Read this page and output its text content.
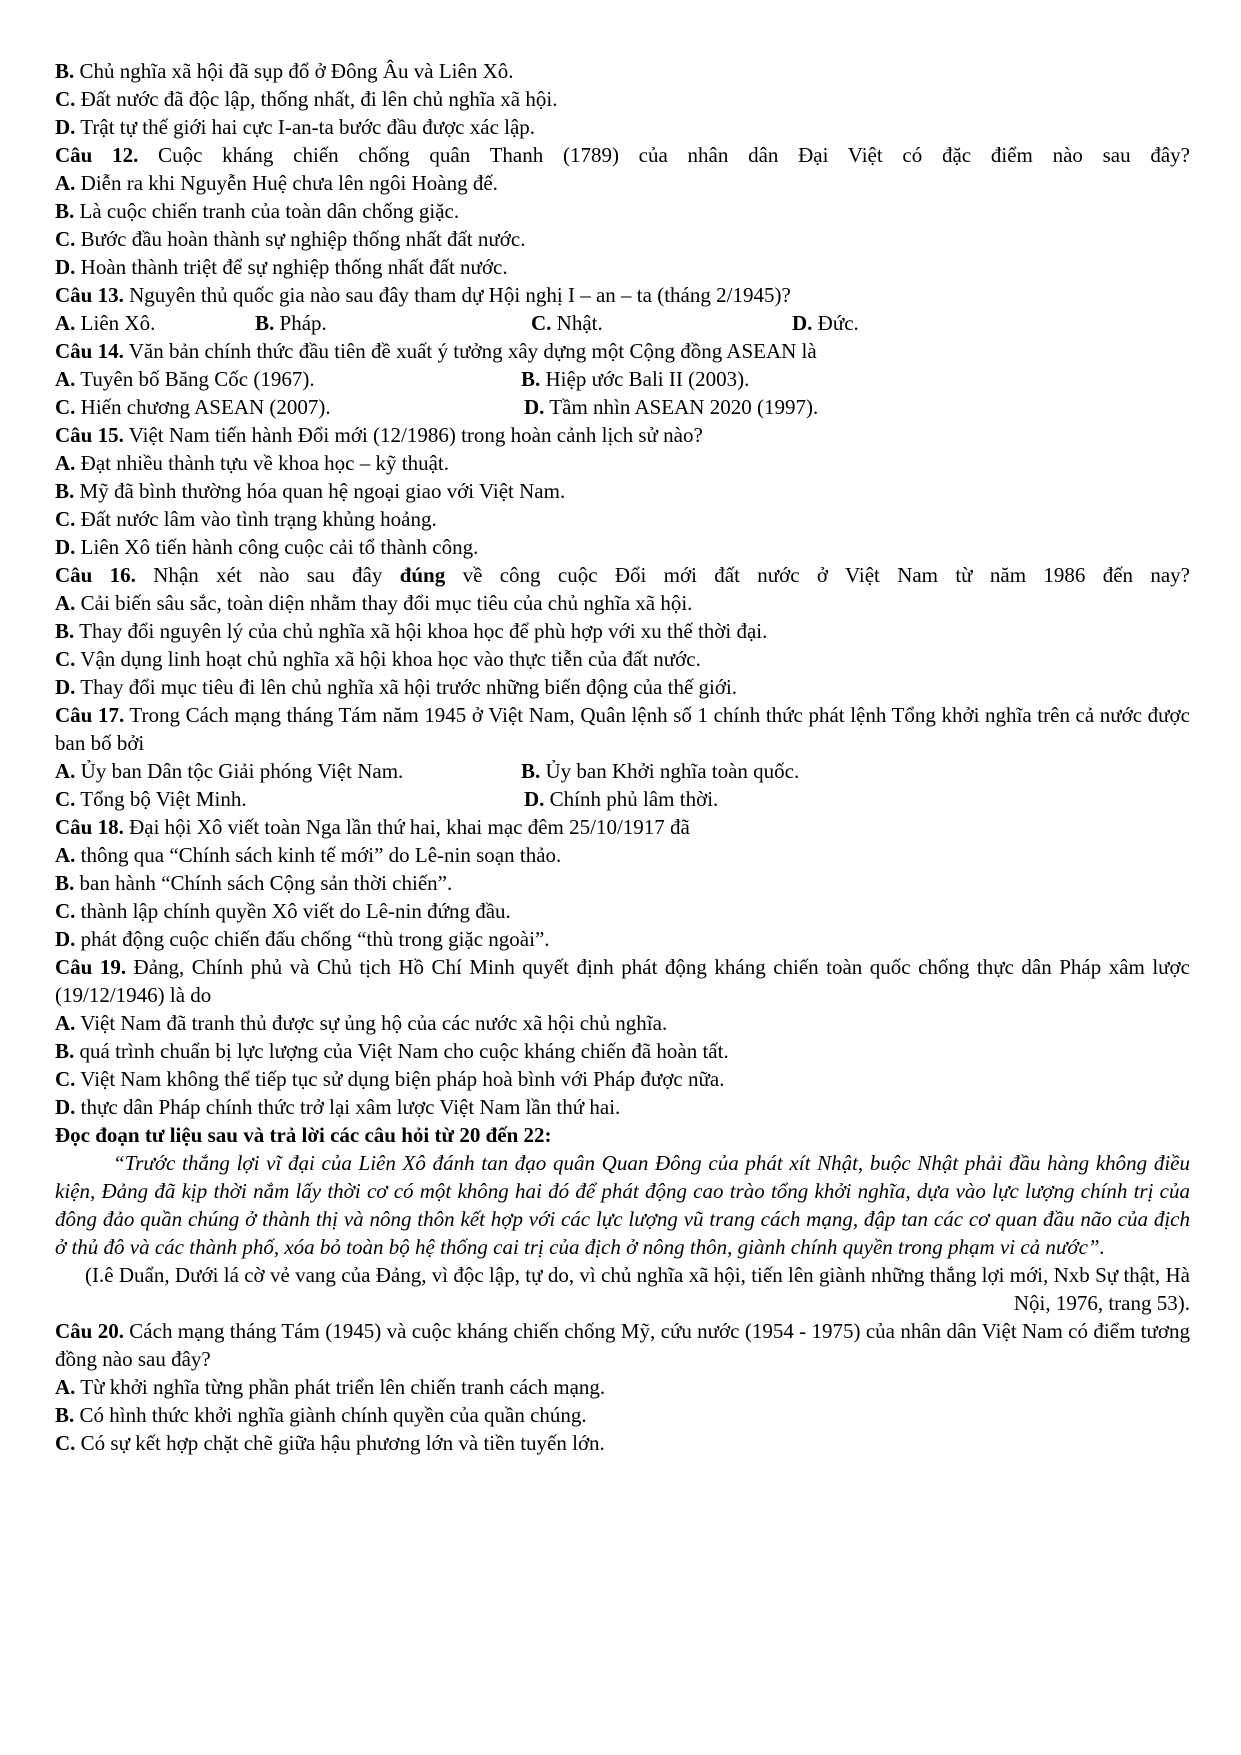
B. Chủ nghĩa xã hội đã sụp đổ ở Đông Âu và Liên Xô.
C. Đất nước đã độc lập, thống nhất, đi lên chủ nghĩa xã hội.
D. Trật tự thế giới hai cực I-an-ta bước đầu được xác lập.
Câu 12. Cuộc kháng chiến chống quân Thanh (1789) của nhân dân Đại Việt có đặc điểm nào sau đây?
A. Diễn ra khi Nguyễn Huệ chưa lên ngôi Hoàng đế.
B. Là cuộc chiến tranh của toàn dân chống giặc.
C. Bước đầu hoàn thành sự nghiệp thống nhất đất nước.
D. Hoàn thành triệt để sự nghiệp thống nhất đất nước.
Câu 13. Nguyên thủ quốc gia nào sau đây tham dự Hội nghị I – an – ta (tháng 2/1945)?
A. Liên Xô.	B. Pháp.	C. Nhật.	D. Đức.
Câu 14. Văn bản chính thức đầu tiên đề xuất ý tưởng xây dựng một Cộng đồng ASEAN là
A. Tuyên bố Băng Cốc (1967).	B. Hiệp ước Bali II (2003).
C. Hiến chương ASEAN (2007).	D. Tầm nhìn ASEAN 2020 (1997).
Câu 15. Việt Nam tiến hành Đổi mới (12/1986) trong hoàn cảnh lịch sử nào?
A. Đạt nhiều thành tựu về khoa học – kỹ thuật.
B. Mỹ đã bình thường hóa quan hệ ngoại giao với Việt Nam.
C. Đất nước lâm vào tình trạng khủng hoảng.
D. Liên Xô tiến hành công cuộc cải tổ thành công.
Câu 16. Nhận xét nào sau đây đúng về công cuộc Đổi mới đất nước ở Việt Nam từ năm 1986 đến nay?
A. Cải biến sâu sắc, toàn diện nhằm thay đổi mục tiêu của chủ nghĩa xã hội.
B. Thay đổi nguyên lý của chủ nghĩa xã hội khoa học để phù hợp với xu thế thời đại.
C. Vận dụng linh hoạt chủ nghĩa xã hội khoa học vào thực tiễn của đất nước.
D. Thay đổi mục tiêu đi lên chủ nghĩa xã hội trước những biến động của thế giới.
Câu 17. Trong Cách mạng tháng Tám năm 1945 ở Việt Nam, Quân lệnh số 1 chính thức phát lệnh Tổng khởi nghĩa trên cả nước được ban bố bởi
A. Ủy ban Dân tộc Giải phóng Việt Nam.	B. Ủy ban Khởi nghĩa toàn quốc.
C. Tổng bộ Việt Minh.	D. Chính phủ lâm thời.
Câu 18. Đại hội Xô viết toàn Nga lần thứ hai, khai mạc đêm 25/10/1917 đã
A. thông qua “Chính sách kinh tế mới” do Lê-nin soạn thảo.
B. ban hành “Chính sách Cộng sản thời chiến”.
C. thành lập chính quyền Xô viết do Lê-nin đứng đầu.
D. phát động cuộc chiến đấu chống “thù trong giặc ngoài”.
Câu 19. Đảng, Chính phủ và Chủ tịch Hồ Chí Minh quyết định phát động kháng chiến toàn quốc chống thực dân Pháp xâm lược (19/12/1946) là do
A. Việt Nam đã tranh thủ được sự ủng hộ của các nước xã hội chủ nghĩa.
B. quá trình chuẩn bị lực lượng của Việt Nam cho cuộc kháng chiến đã hoàn tất.
C. Việt Nam không thể tiếp tục sử dụng biện pháp hoà bình với Pháp được nữa.
D. thực dân Pháp chính thức trở lại xâm lược Việt Nam lần thứ hai.
Đọc đoạn tư liệu sau và trả lời các câu hỏi từ 20 đến 22:
“Trước thắng lợi vĩ đại của Liên Xô đánh tan đạo quân Quan Đông của phát xít Nhật, buộc Nhật phải đầu hàng không điều kiện, Đảng đã kịp thời nắm lấy thời cơ có một không hai đó để phát động cao trào tổng khởi nghĩa, dựa vào lực lượng chính trị của đông đảo quần chúng ở thành thị và nông thôn kết hợp với các lực lượng vũ trang cách mạng, đập tan các cơ quan đầu não của địch ở thủ đô và các thành phố, xóa bỏ toàn bộ hệ thống cai trị của địch ở nông thôn, giành chính quyền trong phạm vi cả nước”.
(I.ê Duẩn, Dưới lá cờ vẻ vang của Đảng, vì độc lập, tự do, vì chủ nghĩa xã hội, tiến lên giành những thắng lợi mới, Nxb Sự thật, Hà Nội, 1976, trang 53).
Câu 20. Cách mạng tháng Tám (1945) và cuộc kháng chiến chống Mỹ, cứu nước (1954 - 1975) của nhân dân Việt Nam có điểm tương đồng nào sau đây?
A. Từ khởi nghĩa từng phần phát triển lên chiến tranh cách mạng.
B. Có hình thức khởi nghĩa giành chính quyền của quần chúng.
C. Có sự kết hợp chặt chẽ giữa hậu phương lớn và tiền tuyến lớn.
